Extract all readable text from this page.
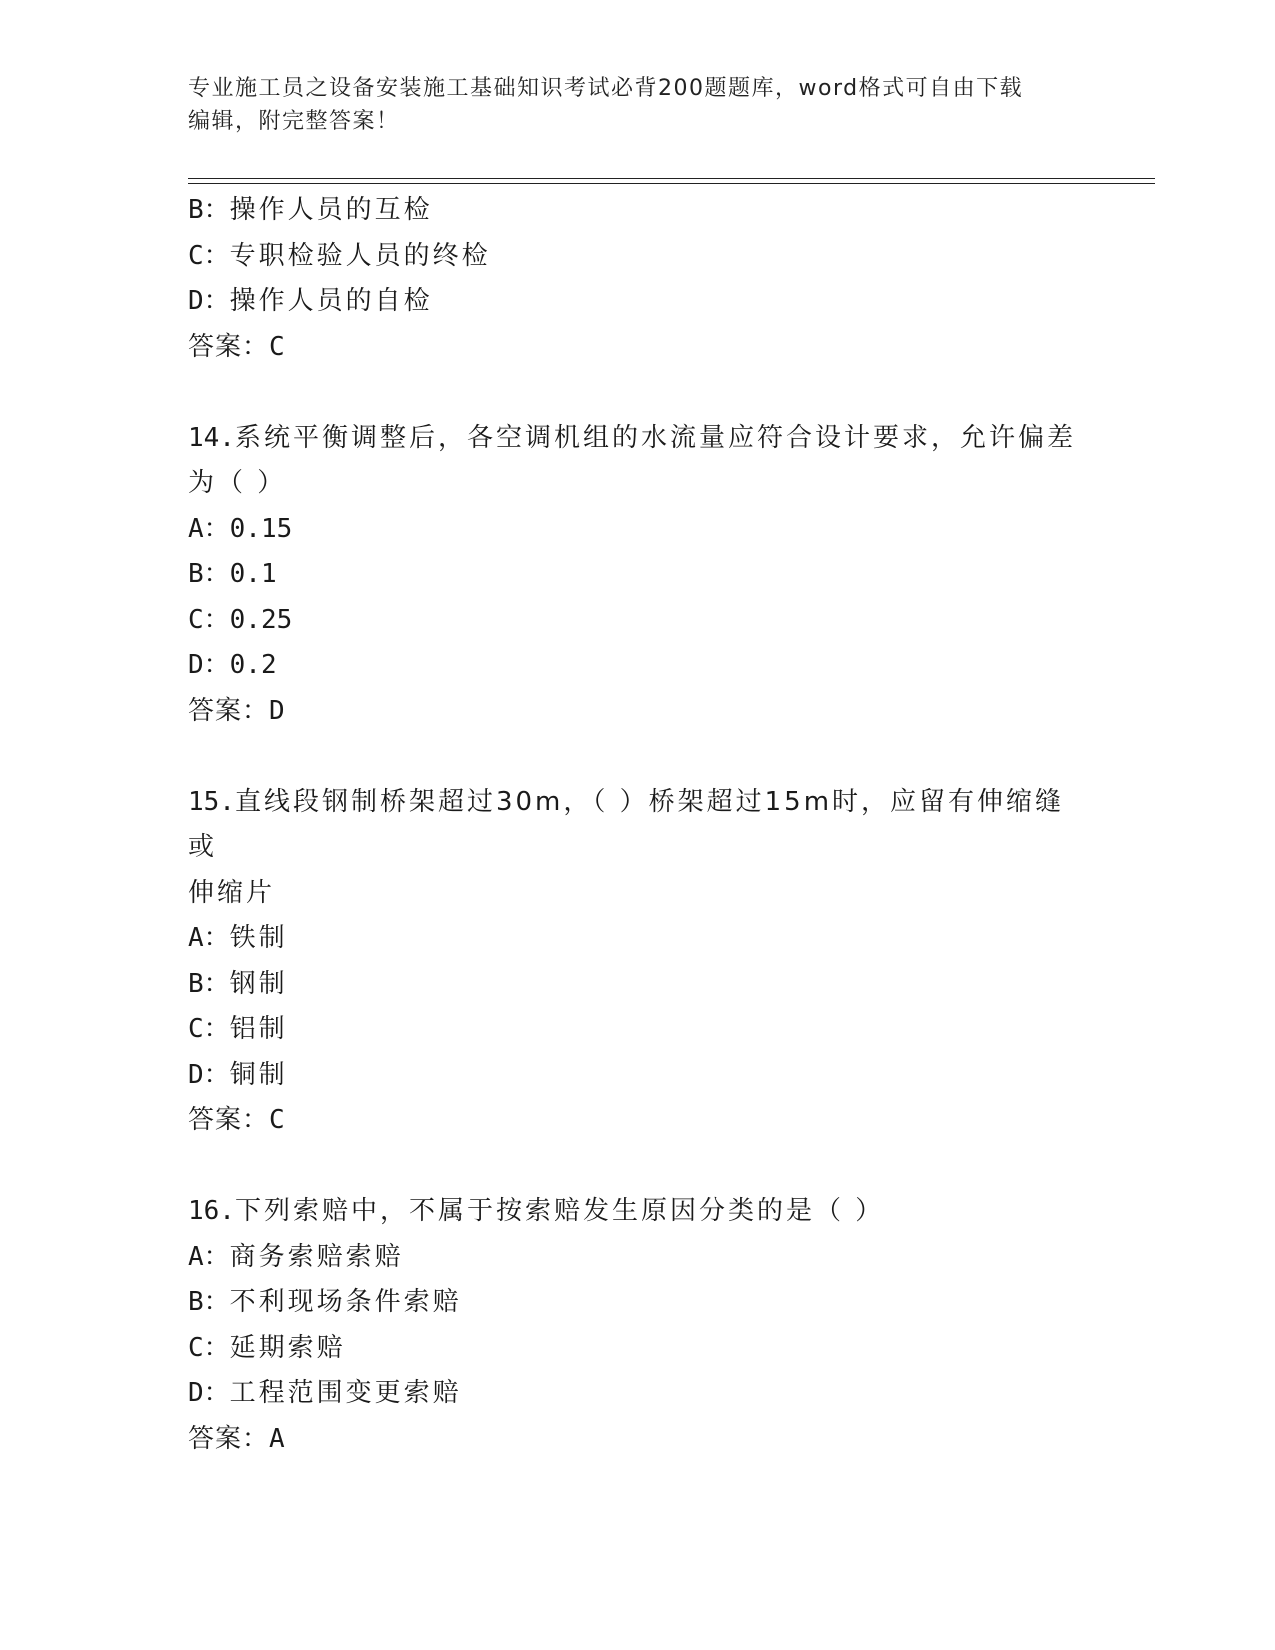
专业施工员之设备安装施工基础知识考试必背200题题库，word格式可自由下载
编辑，附完整答案！
B：操作人员的互检
C：专职检验人员的终检
D：操作人员的自检
答案：C
14.系统平衡调整后，各空调机组的水流量应符合设计要求，允许偏差
为（ ）
A：0.15
B：0.1
C：0.25
D：0.2
答案：D
15.直线段钢制桥架超过30m，（ ）桥架超过15m时，应留有伸缩缝或
伸缩片
A：铁制
B：钢制
C：铝制
D：铜制
答案：C
16.下列索赔中，不属于按索赔发生原因分类的是（ ）
A：商务索赔索赔
B：不利现场条件索赔
C：延期索赔
D：工程范围变更索赔
答案：A
